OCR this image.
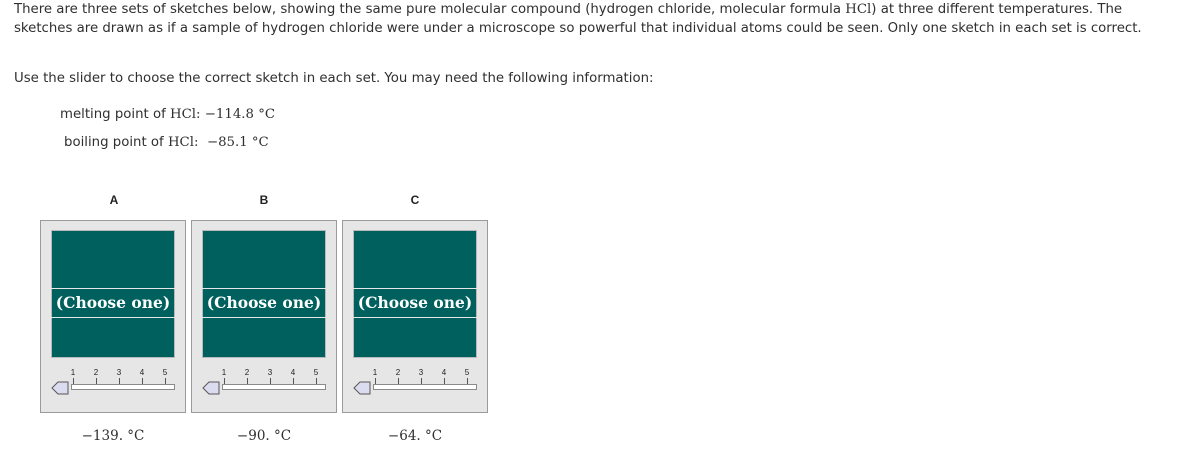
There are three sets of sketches below, showing the same pure molecular compound (hydrogen chloride, molecular formula HCl) at three different temperatures. The sketches are drawn as if a sample of hydrogen chloride were under a microscope so powerful that individual atoms could be seen. Only one sketch in each set is correct.
Use the slider to choose the correct sketch in each set. You may need the following information:
melting point of HCl: −114.8 °C
boiling point of HCl: −85.1 °C
A
(Choose one)
1	2	3	4	5
−139. °C
B
(Choose one)
1	2	3	4	5
−90. °C
C
(Choose one)
1	2	3	4	5
−64. °C
